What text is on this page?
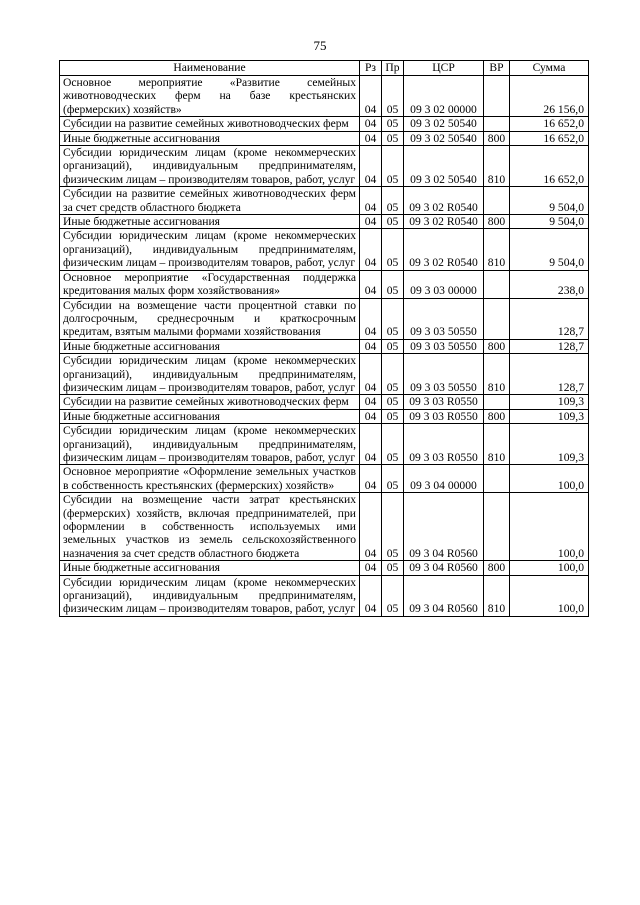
75
Наименование	Рз	Пр	ЦСР	ВР	Сумма
Основное мероприятие «Развитие семейных животноводческих ферм на базе крестьянских (фермерских) хозяйств»	04	05	09 3 02 00000		26 156,0
Субсидии на развитие семейных животноводческих ферм	04	05	09 3 02 50540		16 652,0
Иные бюджетные ассигнования	04	05	09 3 02 50540	800	16 652,0
Субсидии юридическим лицам (кроме некоммерческих организаций), индивидуальным предпринимателям, физическим лицам – производителям товаров, работ, услуг	04	05	09 3 02 50540	810	16 652,0
Субсидии на развитие семейных животноводческих ферм за счет средств областного бюджета	04	05	09 3 02 R0540		9 504,0
Иные бюджетные ассигнования	04	05	09 3 02 R0540	800	9 504,0
Субсидии юридическим лицам (кроме некоммерческих организаций), индивидуальным предпринимателям, физическим лицам – производителям товаров, работ, услуг	04	05	09 3 02 R0540	810	9 504,0
Основное мероприятие «Государственная поддержка кредитования малых форм хозяйствования»	04	05	09 3 03 00000		238,0
Субсидии на возмещение части процентной ставки по долгосрочным, среднесрочным и краткосрочным кредитам, взятым малыми формами хозяйствования	04	05	09 3 03 50550		128,7
Иные бюджетные ассигнования	04	05	09 3 03 50550	800	128,7
Субсидии юридическим лицам (кроме некоммерческих организаций), индивидуальным предпринимателям, физическим лицам – производителям товаров, работ, услуг	04	05	09 3 03 50550	810	128,7
Субсидии на развитие семейных животноводческих ферм	04	05	09 3 03 R0550		109,3
Иные бюджетные ассигнования	04	05	09 3 03 R0550	800	109,3
Субсидии юридическим лицам (кроме некоммерческих организаций), индивидуальным предпринимателям, физическим лицам – производителям товаров, работ, услуг	04	05	09 3 03 R0550	810	109,3
Основное мероприятие «Оформление земельных участков в собственность крестьянских (фермерских) хозяйств»	04	05	09 3 04 00000		100,0
Субсидии на возмещение части затрат крестьянских (фермерских) хозяйств, включая предпринимателей, при оформлении в собственность используемых ими земельных участков из земель сельскохозяйственного назначения за счет средств областного бюджета	04	05	09 3 04 R0560		100,0
Иные бюджетные ассигнования	04	05	09 3 04 R0560	800	100,0
Субсидии юридическим лицам (кроме некоммерческих организаций), индивидуальным предпринимателям, физическим лицам – производителям товаров, работ, услуг	04	05	09 3 04 R0560	810	100,0
